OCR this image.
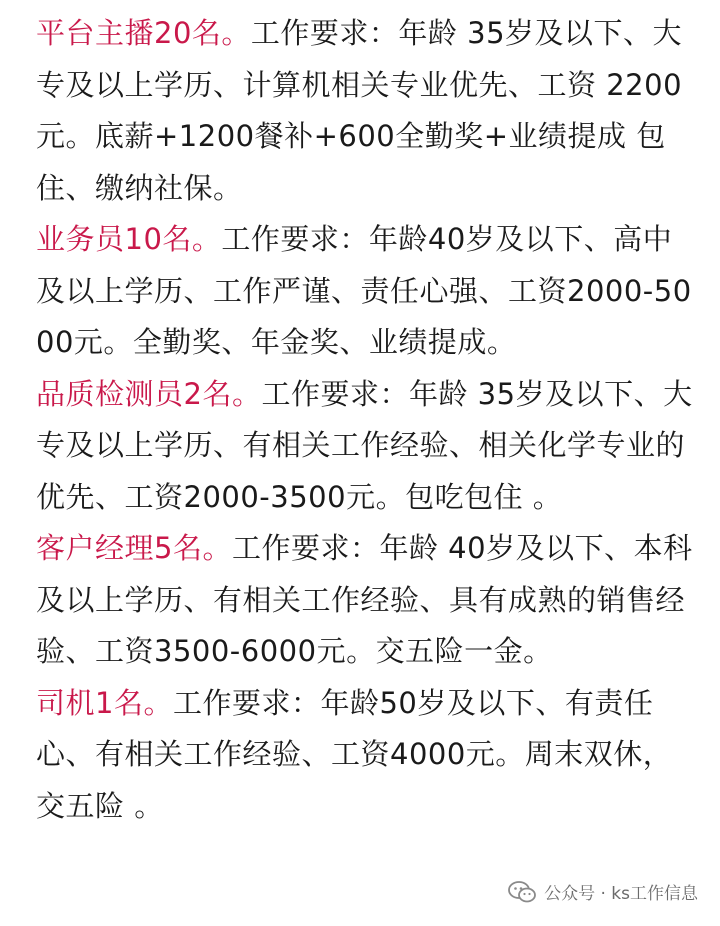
平台主播20名。工作要求：年龄 35岁及以下、大专及以上学历、计算机相关专业优先、工资 2200元。底薪+1200餐补+600全勤奖+业绩提成 包住、缴纳社保。

业务员10名。工作要求：年龄40岁及以下、高中及以上学历、工作严谨、责任心强、工资2000-5000元。全勤奖、年金奖、业绩提成。

品质检测员2名。工作要求：年龄 35岁及以下、大专及以上学历、有相关工作经验、相关化学专业的优先、工资2000-3500元。包吃包住 。

客户经理5名。工作要求：年龄 40岁及以下、本科及以上学历、有相关工作经验、具有成熟的销售经验、工资3500-6000元。交五险一金。

司机1名。工作要求：年龄50岁及以下、有责任心、有相关工作经验、工资4000元。周末双休，交五险 。

公众号 · ks工作信息
